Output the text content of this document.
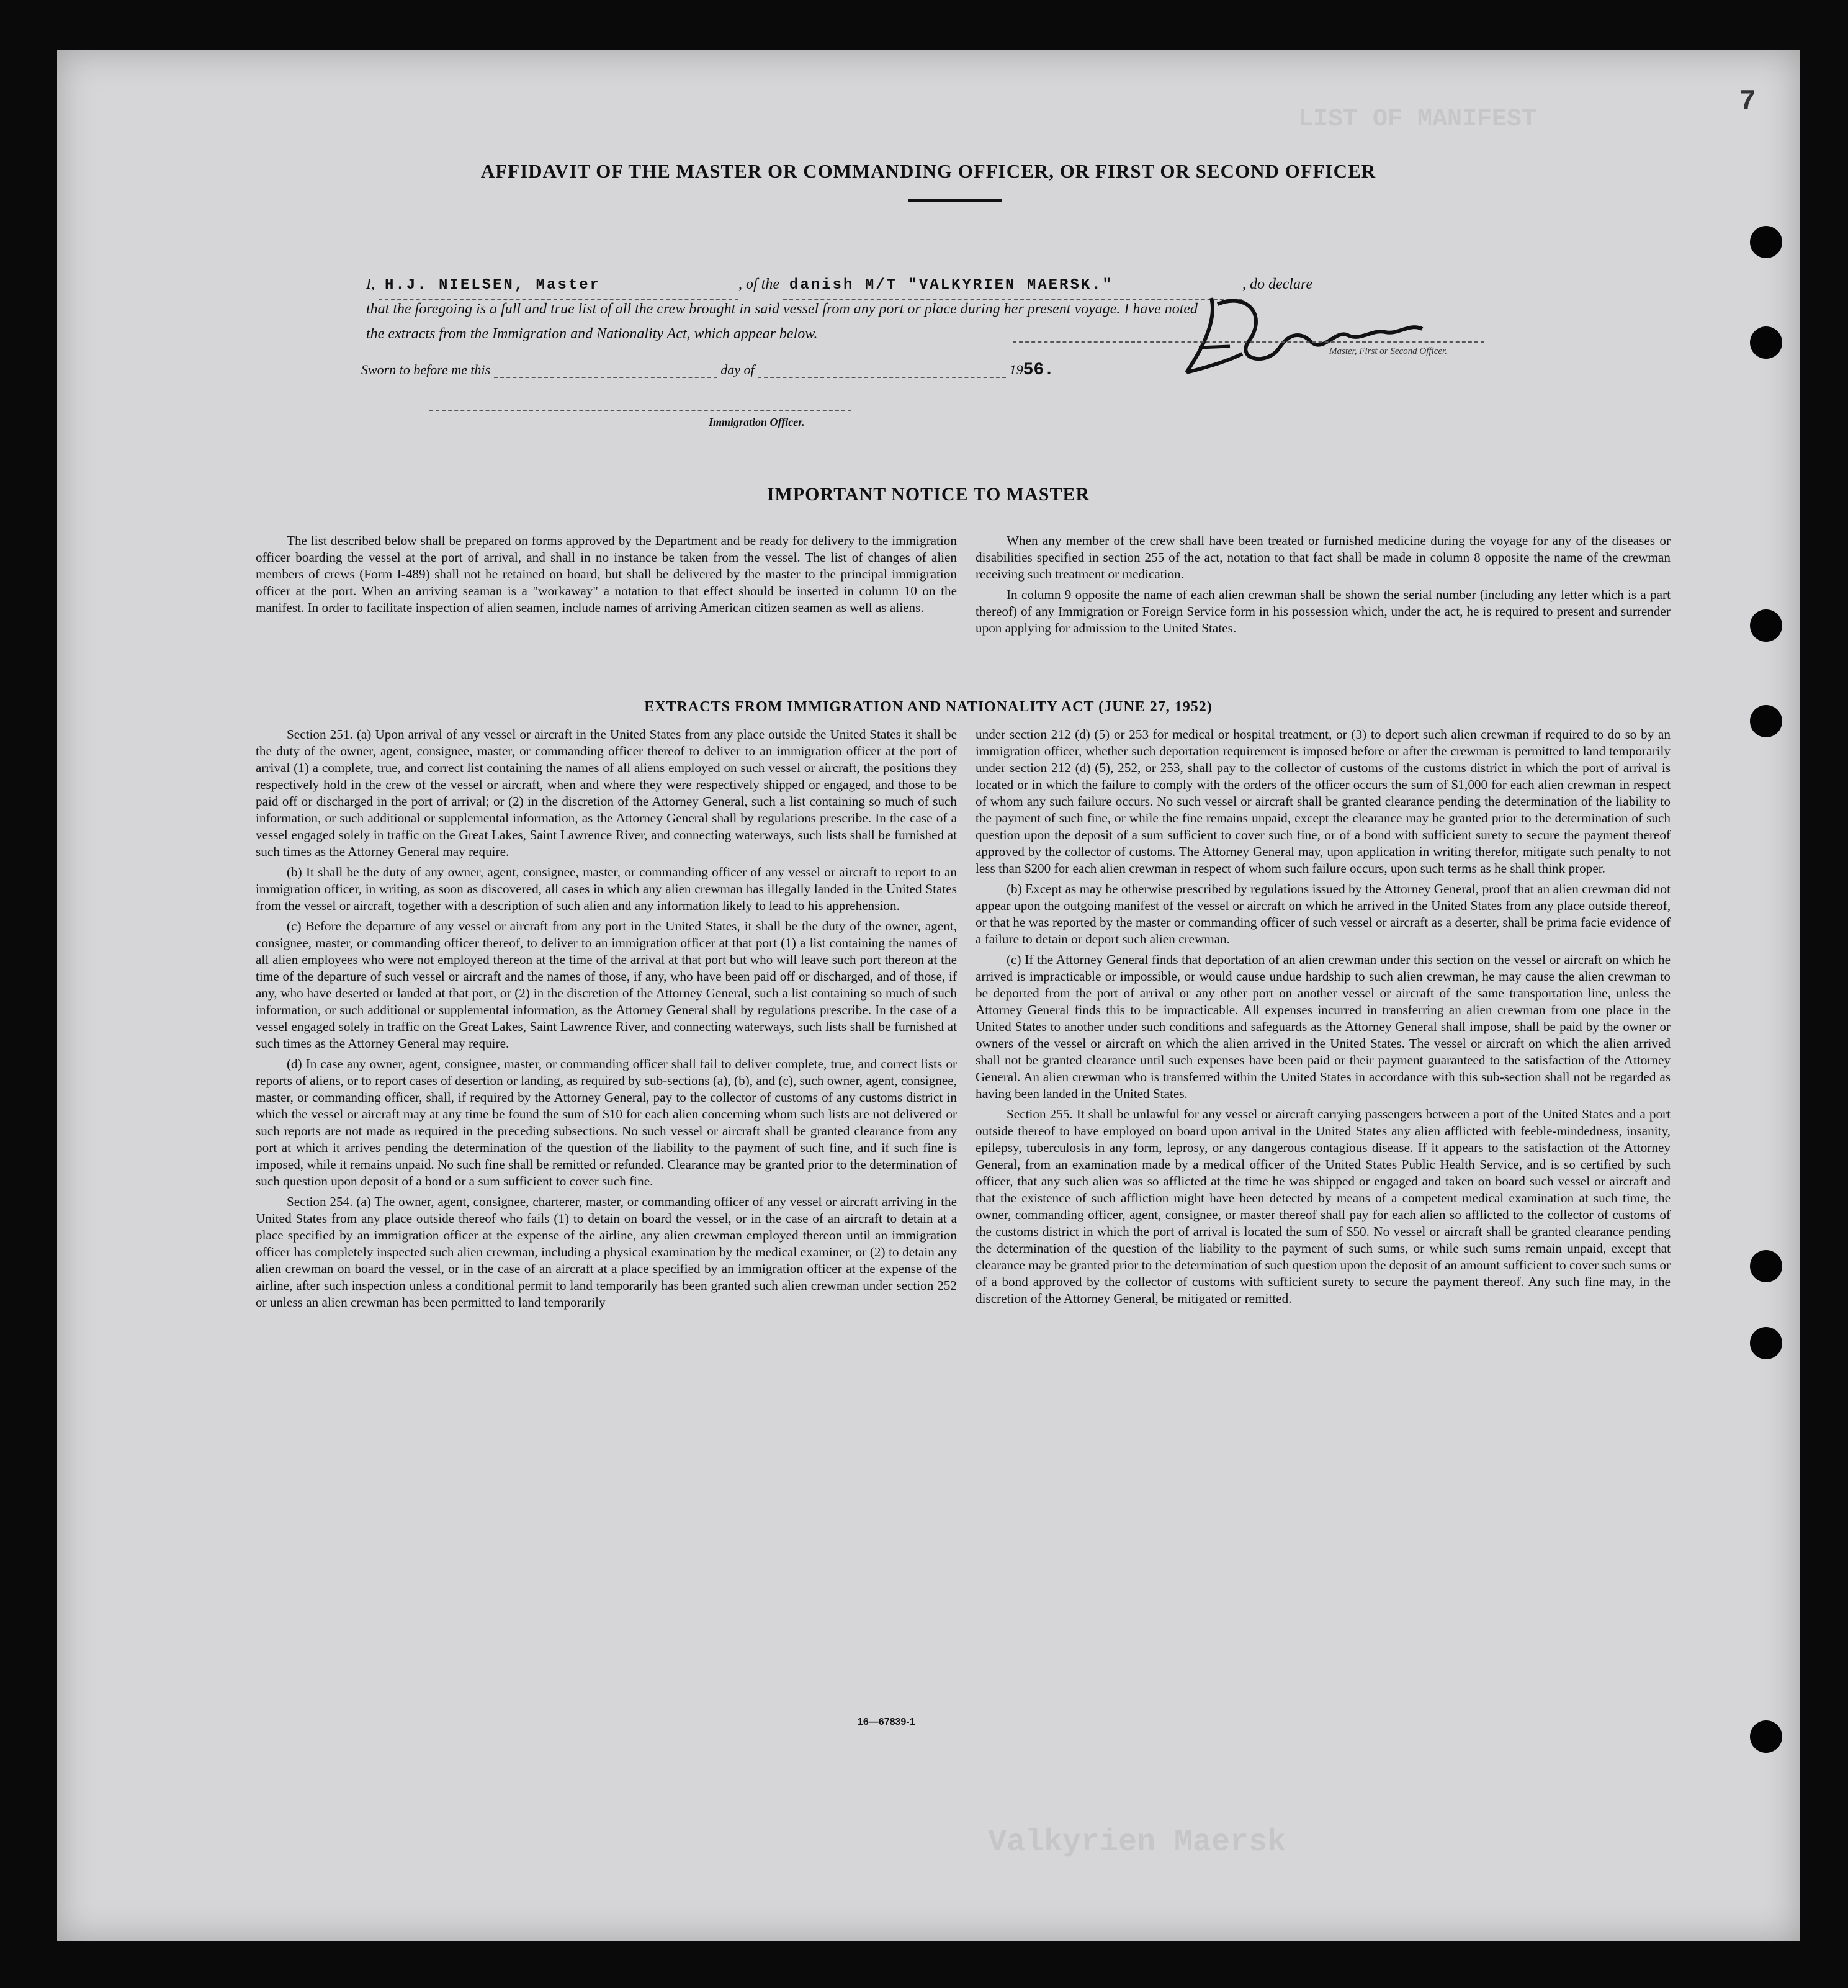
LIST OF MANIFEST
Valkyrien Maersk
7
AFFIDAVIT OF THE MASTER OR COMMANDING OFFICER, OR FIRST OR SECOND OFFICER
I, H.J. NIELSEN, Master	, of the danish M/T "VALKYRIEN MAERSK."	, do declare
that the foregoing is a full and true list of all the crew brought in said vessel from any port or place during her present voyage. I have noted
the extracts from the Immigration and Nationality Act, which appear below.
Master, First or Second Officer.
Sworn to before me this	day of	1956.
Immigration Officer.
IMPORTANT NOTICE TO MASTER

The list described below shall be prepared on forms approved by the Department and be ready for delivery to the immigration officer boarding the vessel at the port of arrival, and shall in no instance be taken from the vessel. The list of changes of alien members of crews (Form I-489) shall not be retained on board, but shall be delivered by the master to the principal immigration officer at the port. When an arriving seaman is a "workaway" a notation to that effect should be inserted in column 10 on the manifest. In order to facilitate inspection of alien seamen, include names of arriving American citizen seamen as well as aliens.

When any member of the crew shall have been treated or furnished medicine during the voyage for any of the diseases or disabilities specified in section 255 of the act, notation to that fact shall be made in column 8 opposite the name of the crewman receiving such treatment or medication.

In column 9 opposite the name of each alien crewman shall be shown the serial number (including any letter which is a part thereof) of any Immigration or Foreign Service form in his possession which, under the act, he is required to present and surrender upon applying for admission to the United States.

EXTRACTS FROM IMMIGRATION AND NATIONALITY ACT (JUNE 27, 1952)

Section 251. (a) Upon arrival of any vessel or aircraft in the United States from any place outside the United States it shall be the duty of the owner, agent, consignee, master, or commanding officer thereof to deliver to an immigration officer at the port of arrival (1) a complete, true, and correct list containing the names of all aliens employed on such vessel or aircraft, the positions they respectively hold in the crew of the vessel or aircraft, when and where they were respectively shipped or engaged, and those to be paid off or discharged in the port of arrival; or (2) in the discretion of the Attorney General, such a list containing so much of such information, or such additional or supplemental information, as the Attorney General shall by regulations prescribe. In the case of a vessel engaged solely in traffic on the Great Lakes, Saint Lawrence River, and connecting waterways, such lists shall be furnished at such times as the Attorney General may require.

(b) It shall be the duty of any owner, agent, consignee, master, or commanding officer of any vessel or aircraft to report to an immigration officer, in writing, as soon as discovered, all cases in which any alien crewman has illegally landed in the United States from the vessel or aircraft, together with a description of such alien and any information likely to lead to his apprehension.

(c) Before the departure of any vessel or aircraft from any port in the United States, it shall be the duty of the owner, agent, consignee, master, or commanding officer thereof, to deliver to an immigration officer at that port (1) a list containing the names of all alien employees who were not employed thereon at the time of the arrival at that port but who will leave such port thereon at the time of the departure of such vessel or aircraft and the names of those, if any, who have been paid off or discharged, and of those, if any, who have deserted or landed at that port, or (2) in the discretion of the Attorney General, such a list containing so much of such information, or such additional or supplemental information, as the Attorney General shall by regulations prescribe. In the case of a vessel engaged solely in traffic on the Great Lakes, Saint Lawrence River, and connecting waterways, such lists shall be furnished at such times as the Attorney General may require.

(d) In case any owner, agent, consignee, master, or commanding officer shall fail to deliver complete, true, and correct lists or reports of aliens, or to report cases of desertion or landing, as required by sub-sections (a), (b), and (c), such owner, agent, consignee, master, or commanding officer, shall, if required by the Attorney General, pay to the collector of customs of any customs district in which the vessel or aircraft may at any time be found the sum of $10 for each alien concerning whom such lists are not delivered or such reports are not made as required in the preceding subsections. No such vessel or aircraft shall be granted clearance from any port at which it arrives pending the determination of the question of the liability to the payment of such fine, and if such fine is imposed, while it remains unpaid. No such fine shall be remitted or refunded. Clearance may be granted prior to the determination of such question upon deposit of a bond or a sum sufficient to cover such fine.

Section 254. (a) The owner, agent, consignee, charterer, master, or commanding officer of any vessel or aircraft arriving in the United States from any place outside thereof who fails (1) to detain on board the vessel, or in the case of an aircraft to detain at a place specified by an immigration officer at the expense of the airline, any alien crewman employed thereon until an immigration officer has completely inspected such alien crewman, including a physical examination by the medical examiner, or (2) to detain any alien crewman on board the vessel, or in the case of an aircraft at a place specified by an immigration officer at the expense of the airline, after such inspection unless a conditional permit to land temporarily has been granted such alien crewman under section 252 or unless an alien crewman has been permitted to land temporarily

under section 212 (d) (5) or 253 for medical or hospital treatment, or (3) to deport such alien crewman if required to do so by an immigration officer, whether such deportation requirement is imposed before or after the crewman is permitted to land temporarily under section 212 (d) (5), 252, or 253, shall pay to the collector of customs of the customs district in which the port of arrival is located or in which the failure to comply with the orders of the officer occurs the sum of $1,000 for each alien crewman in respect of whom any such failure occurs. No such vessel or aircraft shall be granted clearance pending the determination of the liability to the payment of such fine, or while the fine remains unpaid, except the clearance may be granted prior to the determination of such question upon the deposit of a sum sufficient to cover such fine, or of a bond with sufficient surety to secure the payment thereof approved by the collector of customs. The Attorney General may, upon application in writing therefor, mitigate such penalty to not less than $200 for each alien crewman in respect of whom such failure occurs, upon such terms as he shall think proper.

(b) Except as may be otherwise prescribed by regulations issued by the Attorney General, proof that an alien crewman did not appear upon the outgoing manifest of the vessel or aircraft on which he arrived in the United States from any place outside thereof, or that he was reported by the master or commanding officer of such vessel or aircraft as a deserter, shall be prima facie evidence of a failure to detain or deport such alien crewman.

(c) If the Attorney General finds that deportation of an alien crewman under this section on the vessel or aircraft on which he arrived is impracticable or impossible, or would cause undue hardship to such alien crewman, he may cause the alien crewman to be deported from the port of arrival or any other port on another vessel or aircraft of the same transportation line, unless the Attorney General finds this to be impracticable. All expenses incurred in transferring an alien crewman from one place in the United States to another under such conditions and safeguards as the Attorney General shall impose, shall be paid by the owner or owners of the vessel or aircraft on which the alien arrived in the United States. The vessel or aircraft on which the alien arrived shall not be granted clearance until such expenses have been paid or their payment guaranteed to the satisfaction of the Attorney General. An alien crewman who is transferred within the United States in accordance with this sub-section shall not be regarded as having been landed in the United States.

Section 255. It shall be unlawful for any vessel or aircraft carrying passengers between a port of the United States and a port outside thereof to have employed on board upon arrival in the United States any alien afflicted with feeble-mindedness, insanity, epilepsy, tuberculosis in any form, leprosy, or any dangerous contagious disease. If it appears to the satisfaction of the Attorney General, from an examination made by a medical officer of the United States Public Health Service, and is so certified by such officer, that any such alien was so afflicted at the time he was shipped or engaged and taken on board such vessel or aircraft and that the existence of such affliction might have been detected by means of a competent medical examination at such time, the owner, commanding officer, agent, consignee, or master thereof shall pay for each alien so afflicted to the collector of customs of the customs district in which the port of arrival is located the sum of $50. No vessel or aircraft shall be granted clearance pending the determination of the question of the liability to the payment of such sums, or while such sums remain unpaid, except that clearance may be granted prior to the determination of such question upon the deposit of an amount sufficient to cover such sums or of a bond approved by the collector of customs with sufficient surety to secure the payment thereof. Any such fine may, in the discretion of the Attorney General, be mitigated or remitted.

16—67839-1
